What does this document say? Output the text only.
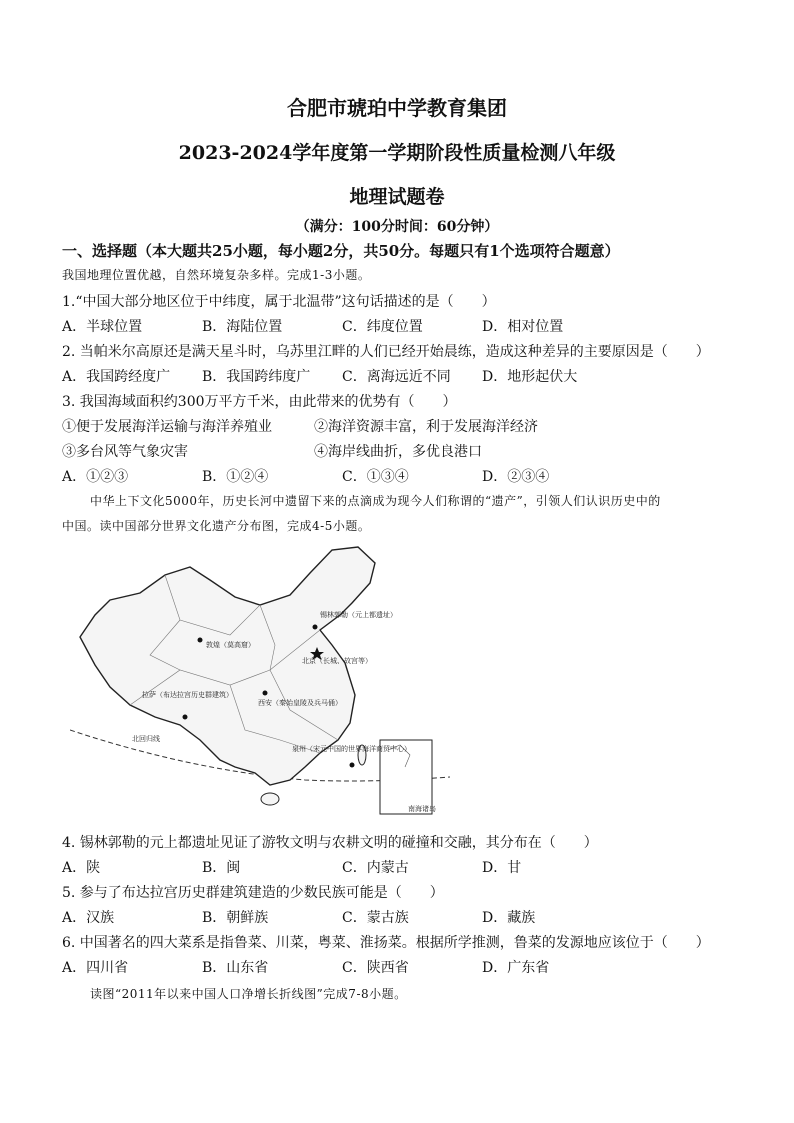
合肥市琥珀中学教育集团
2023-2024学年度第一学期阶段性质量检测八年级
地理试题卷
（满分：100分时间：60分钟）
一、选择题（本大题共25小题，每小题2分，共50分。每题只有1个选项符合题意）
我国地理位置优越，自然环境复杂多样。完成1-3小题。
1.“中国大部分地区位于中纬度，属于北温带”这句话描述的是（　　）
A．半球位置	B．海陆位置	C．纬度位置	D．相对位置
2. 当帕米尔高原还是满天星斗时，乌苏里江畔的人们已经开始晨练，造成这种差异的主要原因是（　　）
A．我国跨经度广 B．我国跨纬度广 C．离海远近不同 D．地形起伏大
3. 我国海域面积约300万平方千米，由此带来的优势有（　　）
①便于发展海洋运输与海洋养殖业	②海洋资源丰富，利于发展海洋经济
③多台风等气象灾害	④海岸线曲折，多优良港口
A．①②③	B．①②④	C．①③④	D．②③④
中华上下文化5000年，历史长河中遗留下来的点滴成为现今人们称谓的“遗产”，引领人们认识历史中的
中国。读中国部分世界文化遗产分布图，完成4-5小题。
南海诸岛
敦煌（莫高窟）
锡林郭勒（元上都遗址）
北京（长城、故宫等）
拉萨（布达拉宫历史群建筑）
西安（秦始皇陵及兵马俑）
泉州（宋元中国的世界海洋商贸中心）
北回归线
4. 锡林郭勒的元上都遗址见证了游牧文明与农耕文明的碰撞和交融，其分布在（　　）
A．陕	B．闽	C．内蒙古	D．甘
5. 参与了布达拉宫历史群建筑建造的少数民族可能是（　　）
A．汉族	B．朝鲜族	C．蒙古族	D．藏族
6. 中国著名的四大菜系是指鲁菜、川菜，粤菜、淮扬菜。根据所学推测，鲁菜的发源地应该位于（　　）
A．四川省	B．山东省	C．陕西省	D．广东省
读图“2011年以来中国人口净增长折线图”完成7-8小题。
